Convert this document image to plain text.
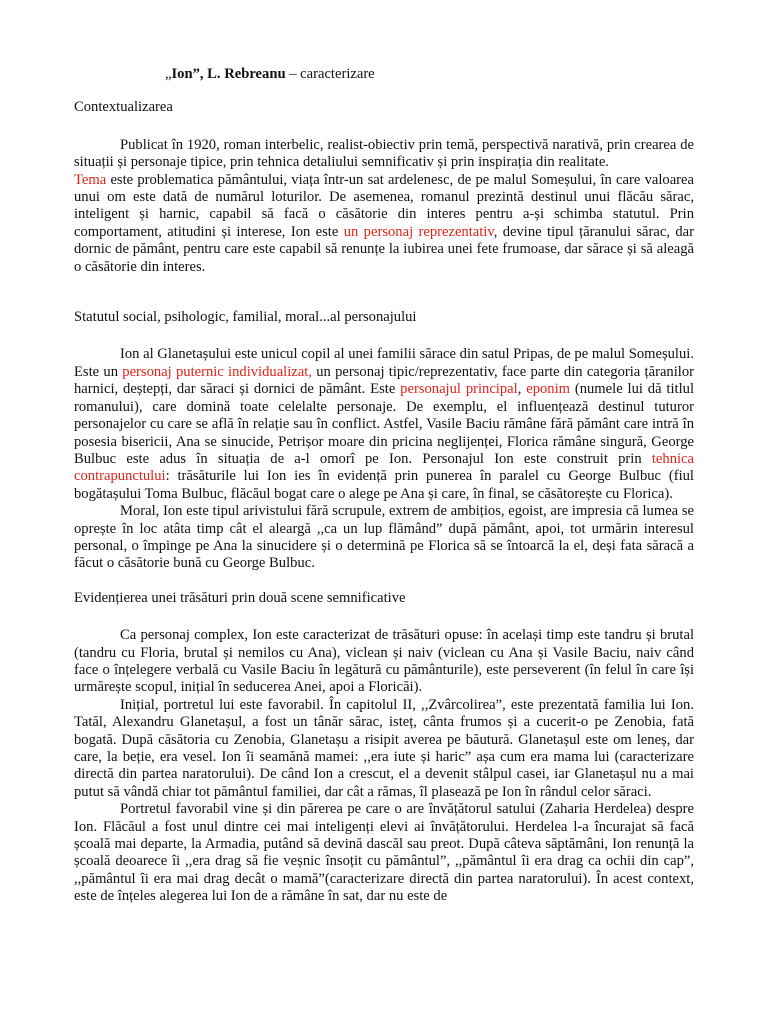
„Ion”, L. Rebreanu – caracterizare
Contextualizarea

Publicat în 1920, roman interbelic, realist-obiectiv prin temă, perspectivă narativă, prin crearea de situații și personaje tipice, prin tehnica detaliului semnificativ și prin inspirația din realitate.

Tema este problematica pământului, viața într-un sat ardelenesc, de pe malul Someșului, în care valoarea unui om este dată de numărul loturilor. De asemenea, romanul prezintă destinul unui flăcău sărac, inteligent și harnic, capabil să facă o căsătorie din interes pentru a-și schimba statutul. Prin comportament, atitudini și interese, Ion este un personaj reprezentativ, devine tipul țăranului sărac, dar dornic de pământ, pentru care este capabil să renunțe la iubirea unei fete frumoase, dar sărace și să aleagă o căsătorie din interes.

Statutul social, psihologic, familial, moral...al personajului

Ion al Glanetașului este unicul copil al unei familii sărace din satul Pripas, de pe malul Someșului. Este un personaj puternic individualizat, un personaj tipic/reprezentativ, face parte din categoria țăranilor harnici, deștepți, dar săraci și dornici de pământ. Este personajul principal, eponim (numele lui dă titlul romanului), care domină toate celelalte personaje. De exemplu, el influențează destinul tuturor personajelor cu care se află în relație sau în conflict. Astfel, Vasile Baciu rămâne fără pământ care intră în posesia bisericii, Ana se sinucide, Petrișor moare din pricina neglijenței, Florica rămâne singură, George Bulbuc este adus în situația de a-l omorî pe Ion. Personajul Ion este construit prin tehnica contrapunctului: trăsăturile lui Ion ies în evidență prin punerea în paralel cu George Bulbuc (fiul bogătașului Toma Bulbuc, flăcăul bogat care o alege pe Ana și care, în final, se căsătorește cu Florica).

Moral, Ion este tipul arivistului fără scrupule, extrem de ambițios, egoist, are impresia că lumea se oprește în loc atâta timp cât el aleargă ,,ca un lup flămând” după pământ, apoi, tot urmărin interesul personal, o împinge pe Ana la sinucidere și o determină pe Florica să se întoarcă la el, deși fata săracă a făcut o căsătorie bună cu George Bulbuc.

Evidențierea unei trăsături prin două scene semnificative

Ca personaj complex, Ion este caracterizat de trăsături opuse: în același timp este tandru și brutal (tandru cu Floria, brutal și nemilos cu Ana), viclean și naiv (viclean cu Ana și Vasile Baciu, naiv când face o înțelegere verbală cu Vasile Baciu în legătură cu pământurile), este perseverent (în felul în care își urmărește scopul, inițial în seducerea Anei, apoi a Floricăi).

Inițial, portretul lui este favorabil. În capitolul II, ,,Zvârcolirea”, este prezentată familia lui Ion. Tatăl, Alexandru Glanetașul, a fost un tânăr sărac, isteț, cânta frumos și a cucerit-o pe Zenobia, fată bogată. După căsătoria cu Zenobia, Glanetașu a risipit averea pe băutură. Glanetașul este om leneș, dar care, la beție, era vesel. Ion îi seamănă mamei: ,,era iute și haric” așa cum era mama lui (caracterizare directă din partea naratorului). De când Ion a crescut, el a devenit stâlpul casei, iar Glanetașul nu a mai putut să vândă chiar tot pământul familiei, dar cât a rămas, îl plasează pe Ion în rândul celor săraci.

Portretul favorabil vine și din părerea pe care o are învățătorul satului (Zaharia Herdelea) despre Ion. Flăcăul a fost unul dintre cei mai inteligenți elevi ai învățătorului. Herdelea l-a încurajat să facă școală mai departe, la Armadia, putând să devină dascăl sau preot. După câteva săptămâni, Ion renunță la școală deoarece îi ,,era drag să fie veșnic însoțit cu pământul”, ,,pământul îi era drag ca ochii din cap”, ,,pământul îi era mai drag decât o mamă”(caracterizare directă din partea naratorului). În acest context, este de înțeles alegerea lui Ion de a rămâne în sat, dar nu este de
